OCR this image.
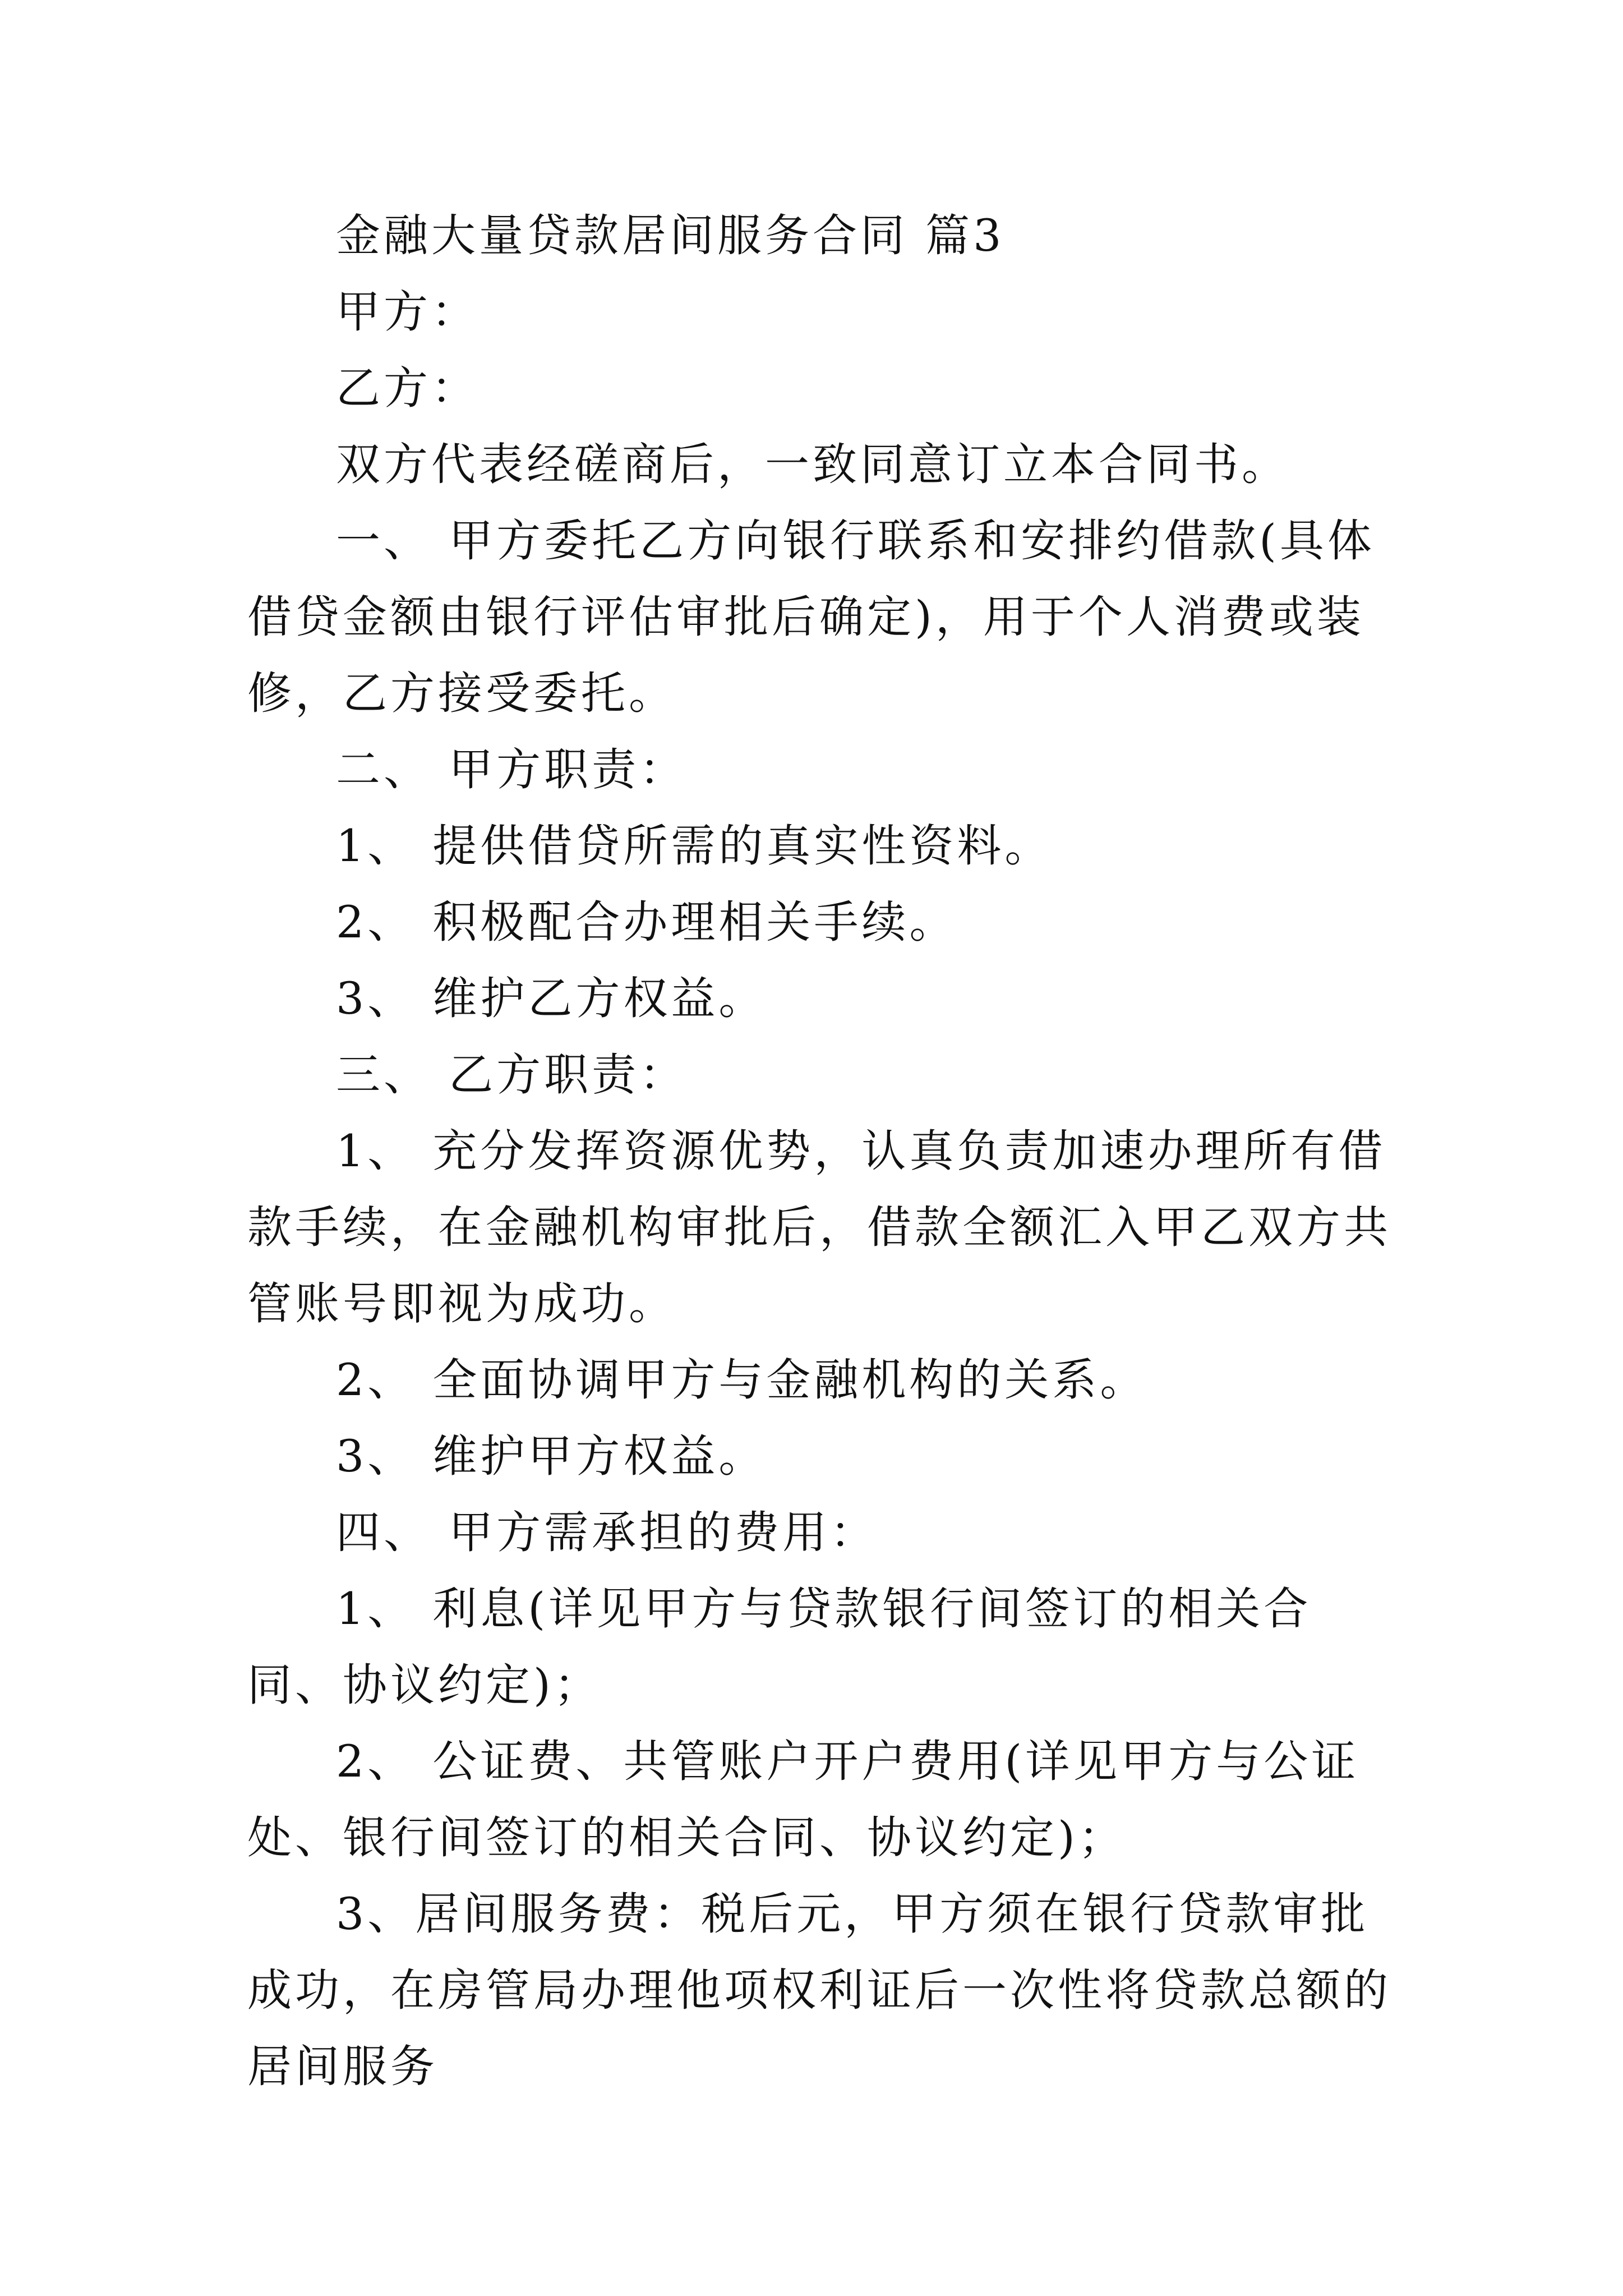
金融大量贷款居间服务合同 篇3

甲方：

乙方：

双方代表经磋商后，一致同意订立本合同书。

一、 甲方委托乙方向银行联系和安排约借款(具体借贷金额由银行评估审批后确定)，用于个人消费或装修，乙方接受委托。

二、 甲方职责：

1、 提供借贷所需的真实性资料。

2、 积极配合办理相关手续。

3、 维护乙方权益。

三、 乙方职责：

1、 充分发挥资源优势，认真负责加速办理所有借款手续，在金融机构审批后，借款全额汇入甲乙双方共管账号即视为成功。

2、 全面协调甲方与金融机构的关系。

3、 维护甲方权益。

四、 甲方需承担的费用：

1、 利息(详见甲方与贷款银行间签订的相关合同、协议约定)；

2、 公证费、共管账户开户费用(详见甲方与公证处、银行间签订的相关合同、协议约定)；

3、居间服务费：税后元，甲方须在银行贷款审批成功，在房管局办理他项权利证后一次性将贷款总额的居间服务
